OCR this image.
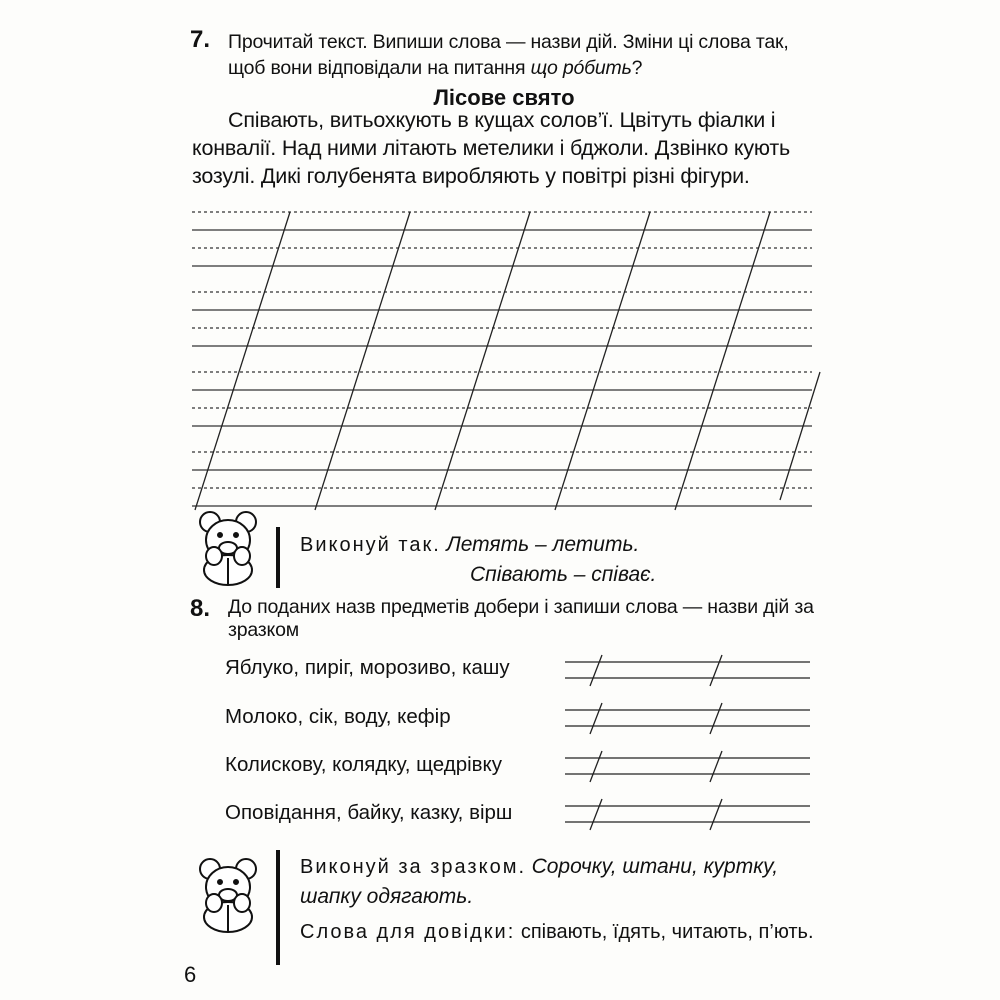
7. Прочитай текст. Випиши слова — назви дій. Зміни ці слова так, щоб вони відповідали на питання що рóбить?
Лісове свято
Співають, витьохкують в кущах солов’ї. Цвітуть фіалки і конвалії. Над ними літають метелики і бджоли. Дзвінко кують зозулі. Дикі голубенята виробляють у повітрі різні фігури.
Виконуй так. Летять – летить.
Співають – співає.
8. До поданих назв предметів добери і запиши слова — назви дій за зразком
Яблуко, пиріг, морозиво, кашу
Молоко, сік, воду, кефір
Колискову, колядку, щедрівку
Оповідання, байку, казку, вірш
Виконуй за зразком. Сорочку, штани, куртку, шапку одягають.
Слова для довідки: співають, їдять, читають, п’ють.
6
